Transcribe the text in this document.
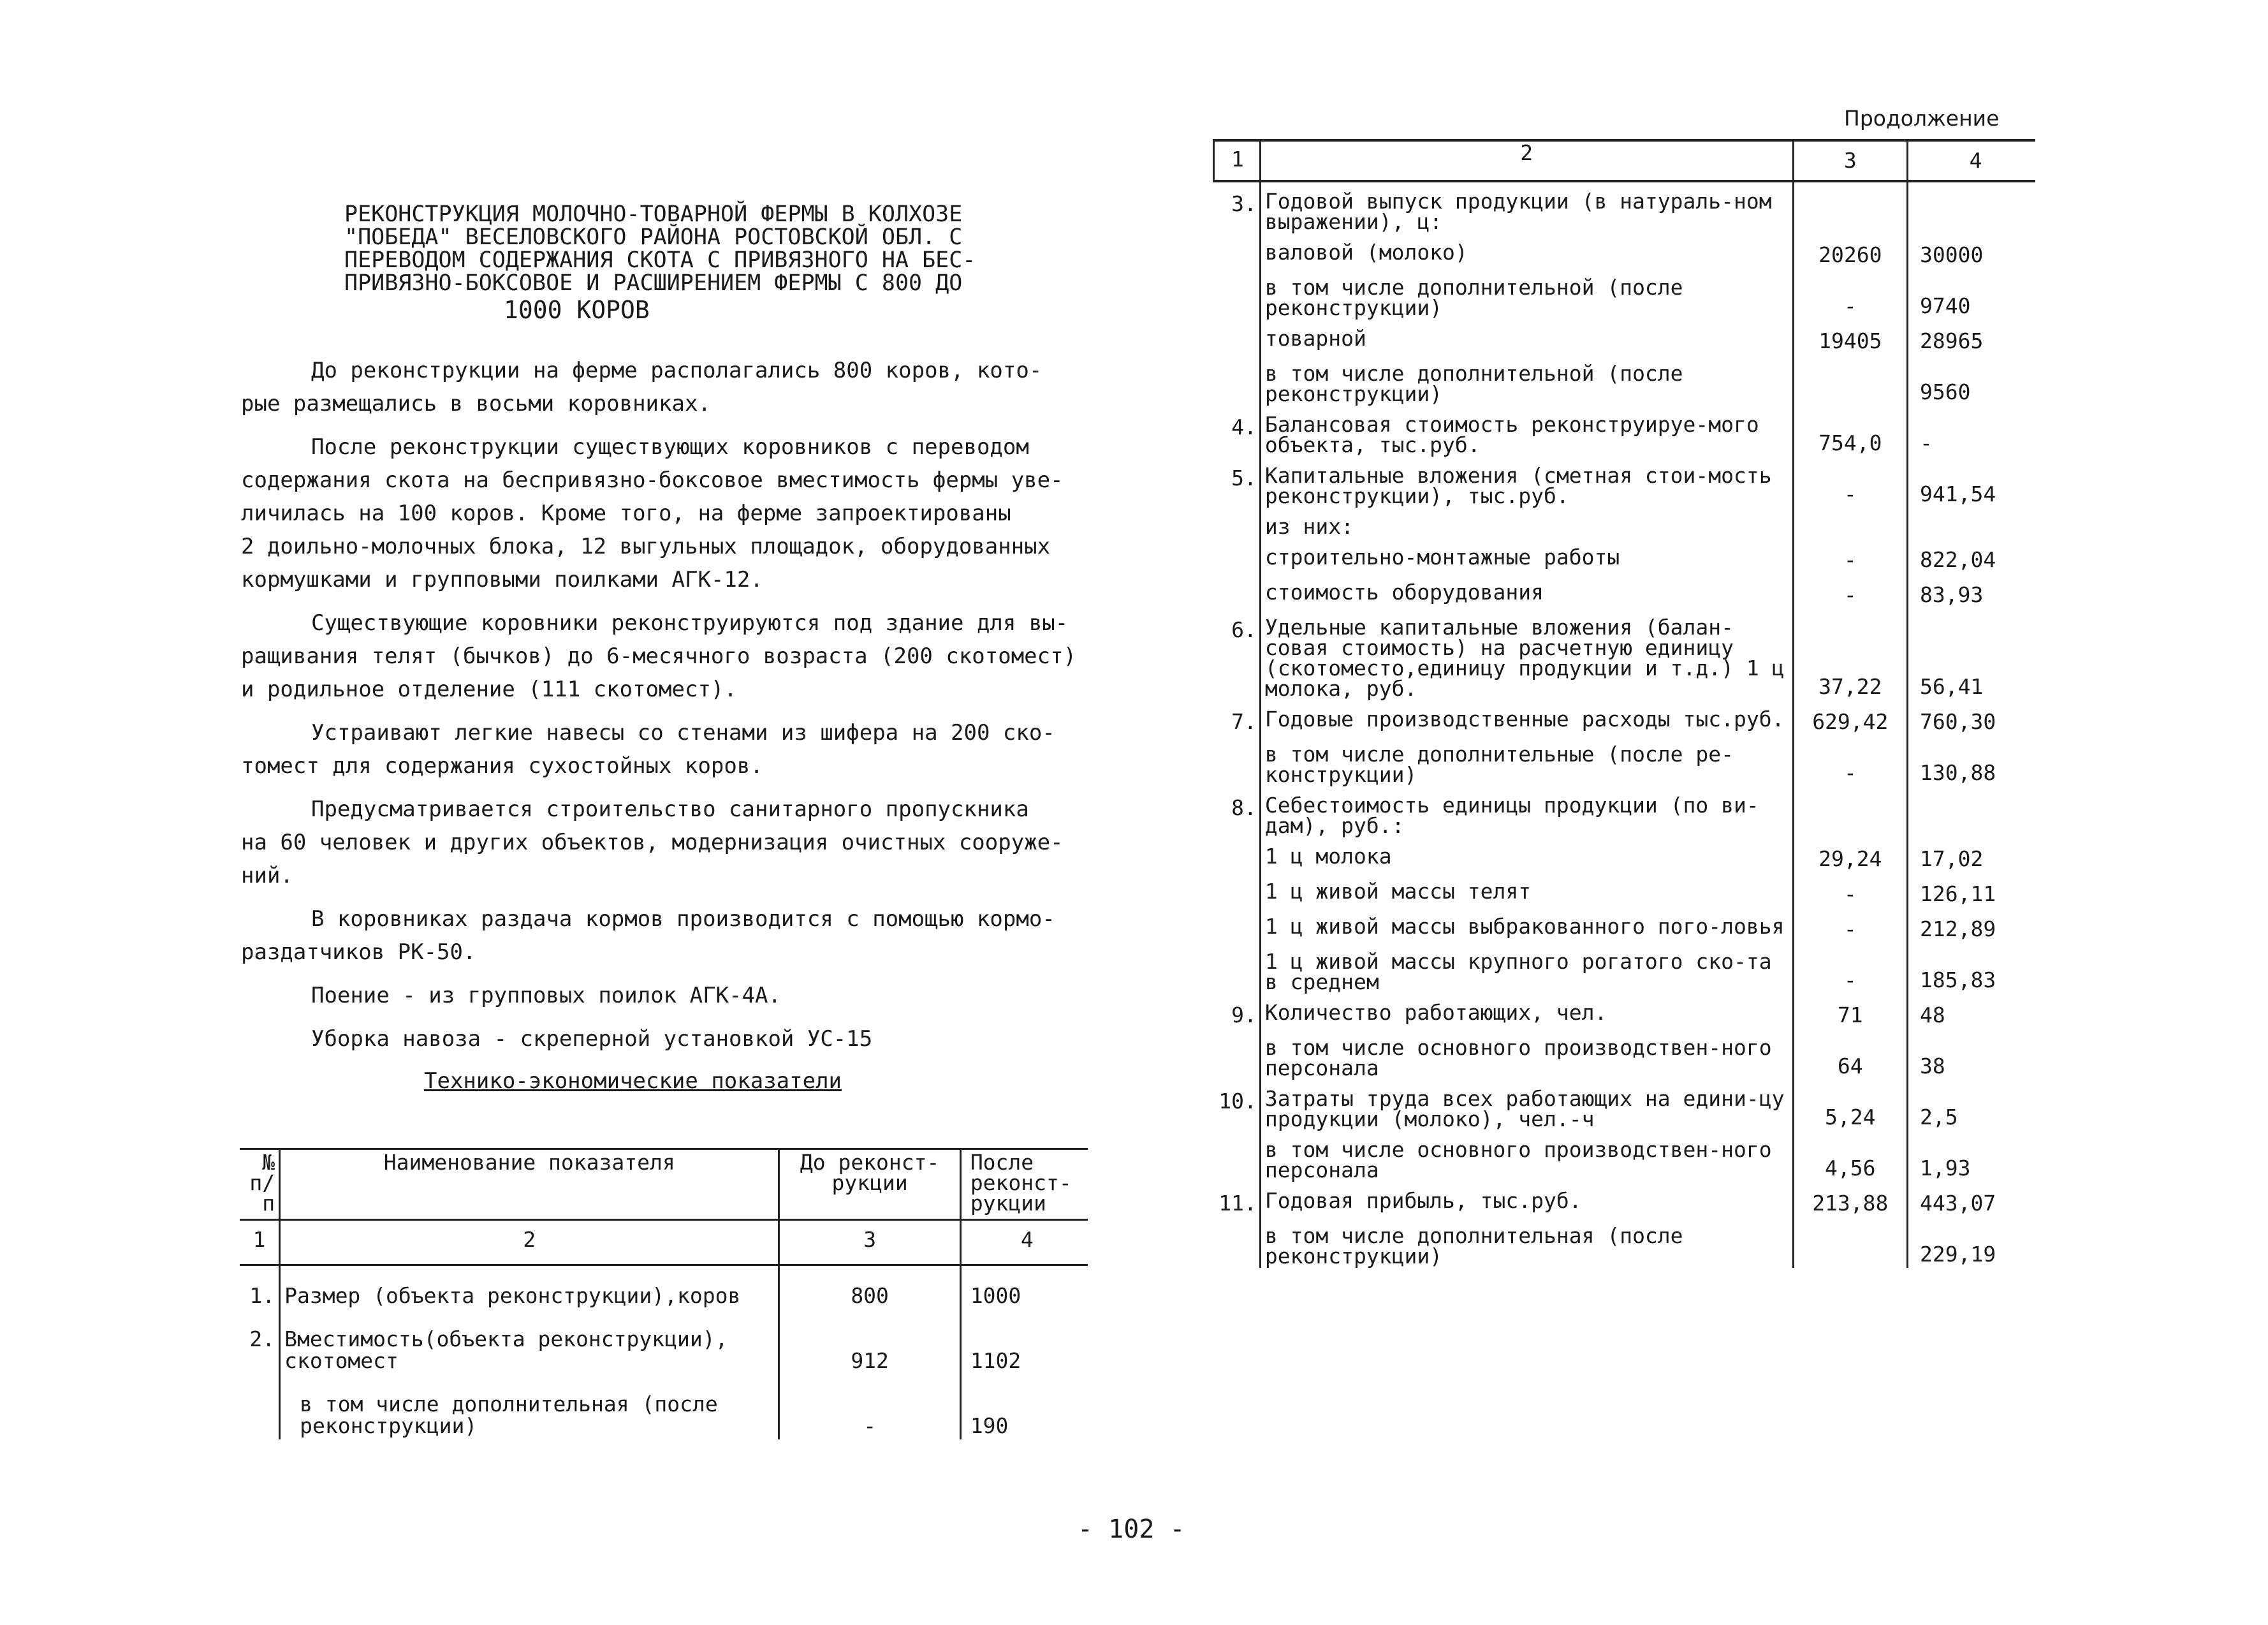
РЕКОНСТРУКЦИЯ МОЛОЧНО-ТОВАРНОЙ ФЕРМЫ В КОЛХОЗЕ
"ПОБЕДА" ВЕСЕЛОВСКОГО РАЙОНА РОСТОВСКОЙ ОБЛ. С
ПЕРЕВОДОМ СОДЕРЖАНИЯ СКОТА С ПРИВЯЗНОГО НА БЕС-
ПРИВЯЗНО-БОКСОВОЕ И РАСШИРЕНИЕМ ФЕРМЫ С 800 ДО
1000 КОРОВ

До реконструкции на ферме располагались 800 коров, кото-
рые размещались в восьми коровниках.

После реконструкции существующих коровников с переводом
содержания скота на беспривязно-боксовое вместимость фермы уве-
личилась на 100 коров. Кроме того, на ферме запроектированы
2 доильно-молочных блока, 12 выгульных площадок, оборудованных
кормушками и групповыми поилками АГК-12.

Существующие коровники реконструируются под здание для вы-
ращивания телят (бычков) до 6-месячного возраста (200 скотомест)
и родильное отделение (111 скотомест).

Устраивают легкие навесы со стенами из шифера на 200 ско-
томест для содержания сухостойных коров.

Предусматривается строительство санитарного пропускника
на 60 человек и других объектов, модернизация очистных сооруже-
ний.

В коровниках раздача кормов производится с помощью кормо-
раздатчиков РК-50.

Поение - из групповых поилок АГК-4А.

Уборка навоза - скреперной установкой УС-15

Технико-экономические показатели
№ п/п	Наименование показателя	До реконст-рукции	После реконст-рукции
1	2	3	4

1.	Размер (объекта реконструкции),коров	800	1000

2.	Вместимость(объекта реконструкции), скотомест	912	1102

	в том числе дополнительная (после реконструкции)	-	190
- 102 -
Продолжение
1	2	3	4
3.	Годовой выпуск продукции (в натураль-ном выражении), ц:		
	валовой (молоко)	20260	30000
	в том числе дополнительной (после реконструкции)	-	9740
	товарной	19405	28965
	в том числе дополнительной (после реконструкции)		9560
4.	Балансовая стоимость реконструируе-мого объекта, тыс.руб.	754,0	-
5.	Капитальные вложения (сметная стои-мость реконструкции), тыс.руб.	-	941,54
	из них:		
	строительно-монтажные работы	-	822,04
	стоимость оборудования	-	83,93
6.	Удельные капитальные вложения (балан-совая стоимость) на расчетную единицу (скотоместо,единицу продукции и т.д.) 1 ц молока, руб.	37,22	56,41
7.	Годовые производственные расходы тыс.руб.	629,42	760,30
	в том числе дополнительные (после ре-конструкции)	-	130,88
8.	Себестоимость единицы продукции (по ви-дам), руб.:		
	1 ц молока	29,24	17,02
	1 ц живой массы телят	-	126,11
	1 ц живой массы выбракованного пого-ловья	-	212,89
	1 ц живой массы крупного рогатого ско-та в среднем	-	185,83
9.	Количество работающих, чел.	71	48
	в том числе основного производствен-ного персонала	64	38
10.	Затраты труда всех работающих на едини-цу продукции (молоко), чел.-ч	5,24	2,5
	в том числе основного производствен-ного персонала	4,56	1,93
11.	Годовая прибыль, тыс.руб.	213,88	443,07
	в том числе дополнительная (после реконструкции)		229,19
